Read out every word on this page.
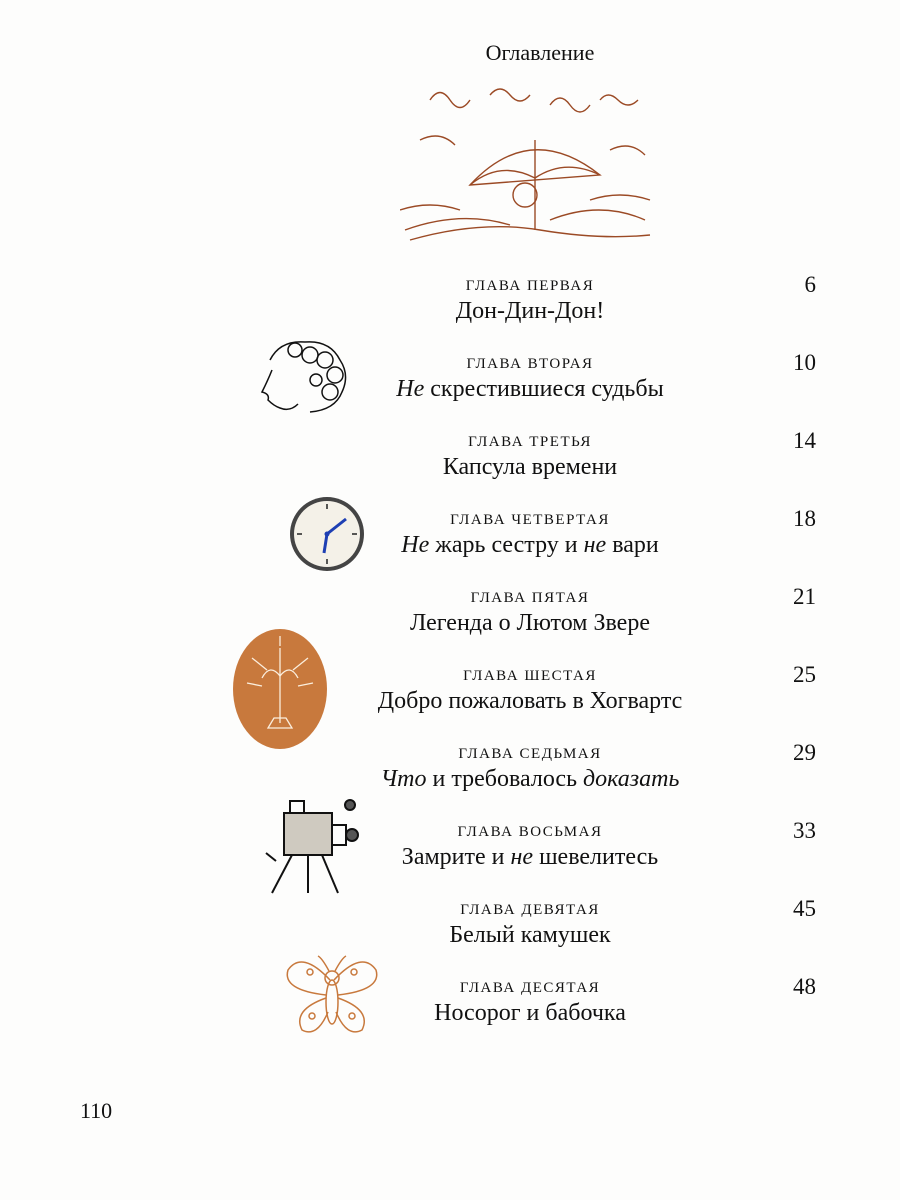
Оглавление
ГЛАВА ПЕРВАЯ
Дон-Дин-Дон!
6
ГЛАВА ВТОРАЯ
Не скрестившиеся судьбы
10
ГЛАВА ТРЕТЬЯ
Капсула времени
14
ГЛАВА ЧЕТВЕРТАЯ
Не жарь сестру и не вари
18
ГЛАВА ПЯТАЯ
Легенда о Лютом Звере
21
ГЛАВА ШЕСТАЯ
Добро пожаловать в Хогвартс
25
ГЛАВА СЕДЬМАЯ
Что и требовалось доказать
29
ГЛАВА ВОСЬМАЯ
Замрите и не шевелитесь
33
ГЛАВА ДЕВЯТАЯ
Белый камушек
45
ГЛАВА ДЕСЯТАЯ
Носорог и бабочка
48
110
